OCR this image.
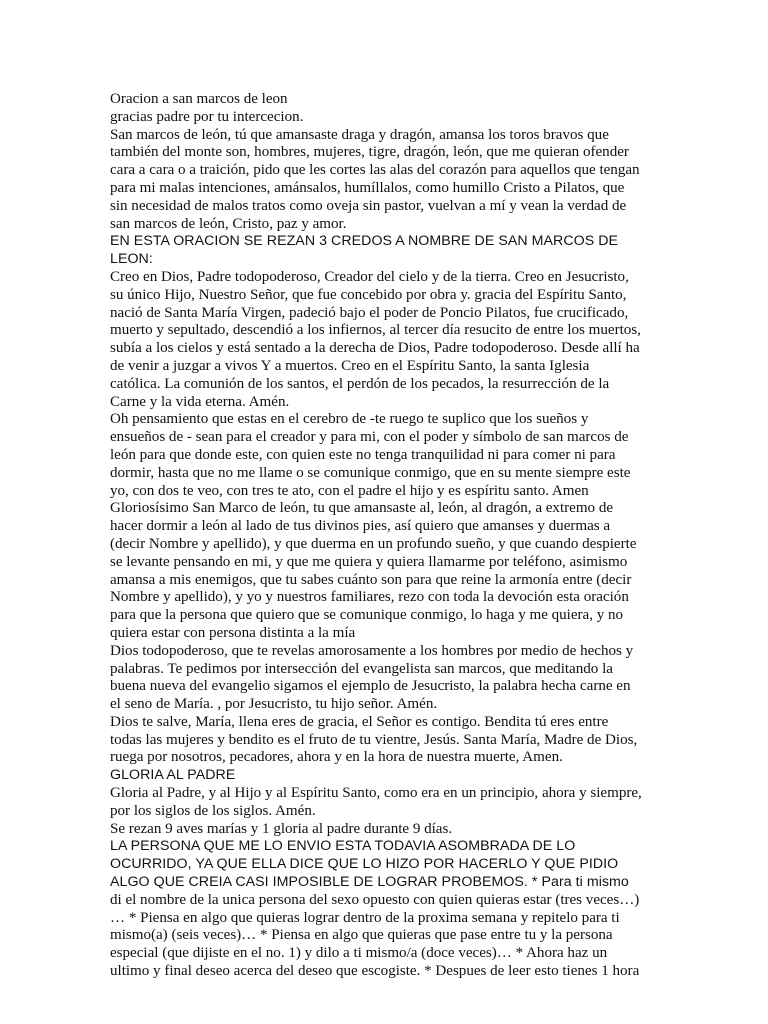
Oracion a san marcos de leon
gracias padre por tu intercecion.
San marcos de león, tú que amansaste draga y dragón, amansa los toros bravos que
también del monte son, hombres, mujeres, tigre, dragón, león, que me quieran ofender
cara a cara o a traición, pido que les cortes las alas del corazón para aquellos que tengan
para mi malas intenciones, amánsalos, humíllalos, como humillo Cristo a Pilatos, que
sin necesidad de malos tratos como oveja sin pastor, vuelvan a mí y vean la verdad de
san marcos de león, Cristo, paz y amor.
EN ESTA ORACION SE REZAN 3 CREDOS A NOMBRE DE SAN MARCOS DE
LEON:
Creo en Dios, Padre todopoderoso, Creador del cielo y de la tierra. Creo en Jesucristo,
su único Hijo, Nuestro Señor, que fue concebido por obra y. gracia del Espíritu Santo,
nació de Santa María Virgen, padeció bajo el poder de Poncio Pilatos, fue crucificado,
muerto y sepultado, descendió a los infiernos, al tercer día resucito de entre los muertos,
subía a los cielos y está sentado a la derecha de Dios, Padre todopoderoso. Desde allí ha
de venir a juzgar a vivos Y a muertos. Creo en el Espíritu Santo, la santa Iglesia
católica. La comunión de los santos, el perdón de los pecados, la resurrección de la
Carne y la vida eterna. Amén.
Oh pensamiento que estas en el cerebro de -te ruego te suplico que los sueños y
ensueños de - sean para el creador y para mi, con el poder y símbolo de san marcos de
león para que donde este, con quien este no tenga tranquilidad ni para comer ni para
dormir, hasta que no me llame o se comunique conmigo, que en su mente siempre este
yo, con dos te veo, con tres te ato, con el padre el hijo y es espíritu santo. Amen
Gloriosísimo San Marco de león, tu que amansaste al, león, al dragón, a extremo de
hacer dormir a león al lado de tus divinos pies, así quiero que amanses y duermas a
(decir Nombre y apellido), y que duerma en un profundo sueño, y que cuando despierte
se levante pensando en mi, y que me quiera y quiera llamarme por teléfono, asimismo
amansa a mis enemigos, que tu sabes cuánto son para que reine la armonía entre (decir
Nombre y apellido), y yo y nuestros familiares, rezo con toda la devoción esta oración
para que la persona que quiero que se comunique conmigo, lo haga y me quiera, y no
quiera estar con persona distinta a la mía
Dios todopoderoso, que te revelas amorosamente a los hombres por medio de hechos y
palabras. Te pedimos por intersección del evangelista san marcos, que meditando la
buena nueva del evangelio sigamos el ejemplo de Jesucristo, la palabra hecha carne en
el seno de María. , por Jesucristo, tu hijo señor. Amén.
Dios te salve, María, llena eres de gracia, el Señor es contigo. Bendita tú eres entre
todas las mujeres y bendito es el fruto de tu vientre, Jesús. Santa María, Madre de Dios,
ruega por nosotros, pecadores, ahora y en la hora de nuestra muerte, Amen.
GLORIA AL PADRE
Gloria al Padre, y al Hijo y al Espíritu Santo, como era en un principio, ahora y siempre,
por los siglos de los siglos. Amén.
Se rezan 9 aves marías y 1 gloria al padre durante 9 días.
LA PERSONA QUE ME LO ENVIO ESTA TODAVIA ASOMBRADA DE LO
OCURRIDO, YA QUE ELLA DICE QUE LO HIZO POR HACERLO Y QUE PIDIO
ALGO QUE CREIA CASI IMPOSIBLE DE LOGRAR PROBEMOS. * Para ti mismo
di el nombre de la unica persona del sexo opuesto con quien quieras estar (tres veces…)
… * Piensa en algo que quieras lograr dentro de la proxima semana y repitelo para ti
mismo(a) (seis veces)… * Piensa en algo que quieras que pase entre tu y la persona
especial (que dijiste en el no. 1) y dilo a ti mismo/a (doce veces)… * Ahora haz un
ultimo y final deseo acerca del deseo que escogiste. * Despues de leer esto tienes 1 hora
